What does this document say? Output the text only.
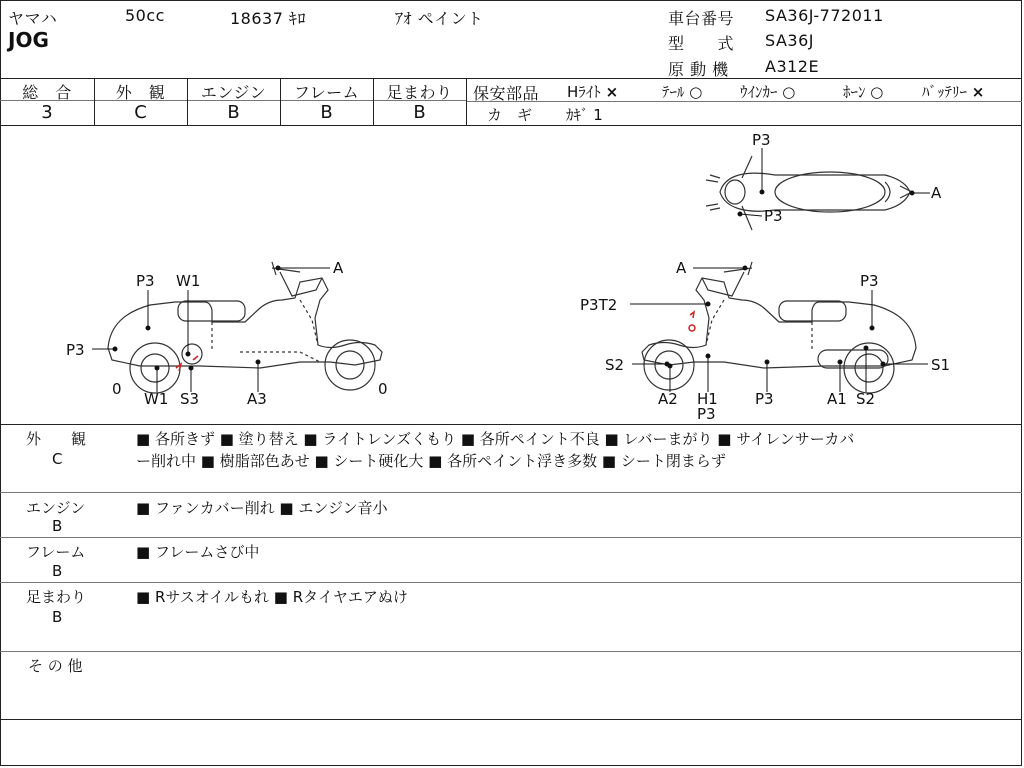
ヤマハ	50cc	18637 ｷﾛ	ｱｵ ペイント
JOG
車台番号 SA36J-772011
型　　式 SA36J
原 動 機 A312E
総　合	外　観	エンジン	フレーム	足まわり
3	C	B	B	B
保安部品 Hﾗｲﾄ ×	ﾃｰﾙ ○	ｳｲﾝｶｰ ○	ﾎｰﾝ ○	ﾊﾞｯﾃﾘｰ ×
カ　ギ ｶｷﾞ 1
P3 W1
A
P3
0
W1 S3	A3
0
A
P3
P3T2
S2	S1
A2 H1
P3
P3	A1 S2
P3
A
P3
外　　観
C
■ 各所きず ■ 塗り替え ■ ライトレンズくもり ■ 各所ペイント不良 ■ レバーまがり ■ サイレンサーカバ
ー削れ中 ■ 樹脂部色あせ ■ シート硬化大 ■ 各所ペイント浮き多数 ■ シート閉まらず
エンジン
B
■ ファンカバー削れ ■ エンジン音小
フレーム
B
■ フレームさび中
足まわり
B
■ Rサスオイルもれ ■ Rタイヤエアぬけ
そ の 他
